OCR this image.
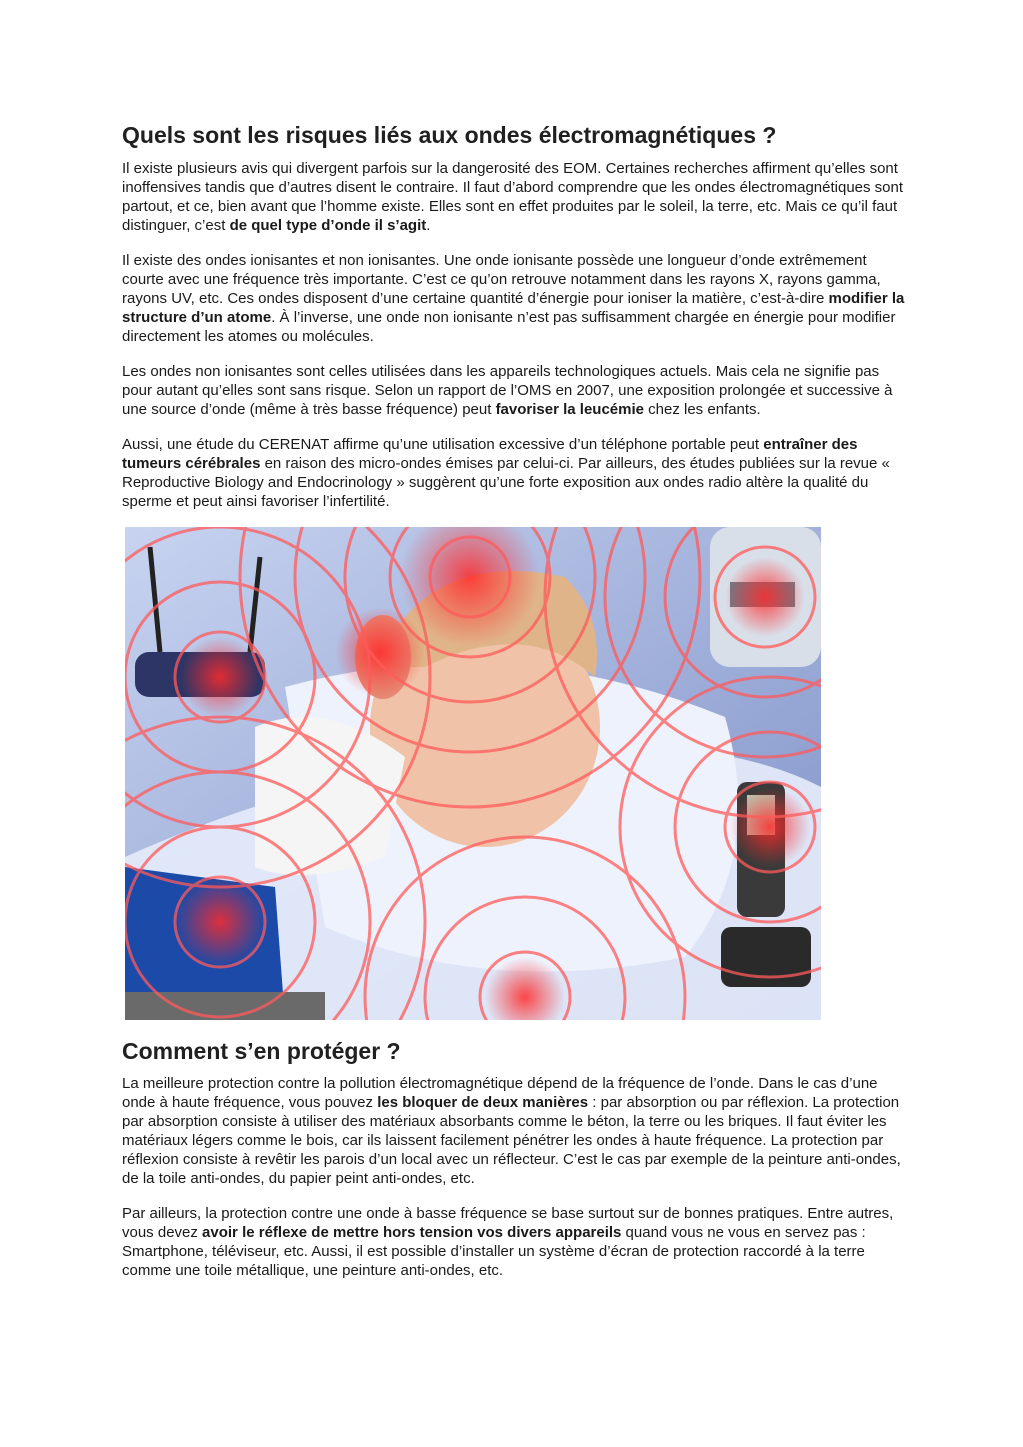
Quels sont les risques liés aux ondes électromagnétiques ?

Il existe plusieurs avis qui divergent parfois sur la dangerosité des EOM. Certaines recherches affirment qu’elles sont inoffensives tandis que d’autres disent le contraire. Il faut d’abord comprendre que les ondes électromagnétiques sont partout, et ce, bien avant que l’homme existe. Elles sont en effet produites par le soleil, la terre, etc. Mais ce qu’il faut distinguer, c’est de quel type d’onde il s’agit.

Il existe des ondes ionisantes et non ionisantes. Une onde ionisante possède une longueur d’onde extrêmement courte avec une fréquence très importante. C’est ce qu’on retrouve notamment dans les rayons X, rayons gamma, rayons UV, etc. Ces ondes disposent d’une certaine quantité d’énergie pour ioniser la matière, c’est-à-dire modifier la structure d’un atome. À l’inverse, une onde non ionisante n’est pas suffisamment chargée en énergie pour modifier directement les atomes ou molécules.

Les ondes non ionisantes sont celles utilisées dans les appareils technologiques actuels. Mais cela ne signifie pas pour autant qu’elles sont sans risque. Selon un rapport de l’OMS en 2007, une exposition prolongée et successive à une source d’onde (même à très basse fréquence) peut favoriser la leucémie chez les enfants.

Aussi, une étude du CERENAT affirme qu’une utilisation excessive d’un téléphone portable peut entraîner des tumeurs cérébrales en raison des micro-ondes émises par celui-ci. Par ailleurs, des études publiées sur la revue « Reproductive Biology and Endocrinology » suggèrent qu’une forte exposition aux ondes radio altère la qualité du sperme et peut ainsi favoriser l’infertilité.

Comment s’en protéger ?

La meilleure protection contre la pollution électromagnétique dépend de la fréquence de l’onde. Dans le cas d’une onde à haute fréquence, vous pouvez les bloquer de deux manières : par absorption ou par réflexion. La protection par absorption consiste à utiliser des matériaux absorbants comme le béton, la terre ou les briques. Il faut éviter les matériaux légers comme le bois, car ils laissent facilement pénétrer les ondes à haute fréquence. La protection par réflexion consiste à revêtir les parois d’un local avec un réflecteur. C’est le cas par exemple de la peinture anti-ondes, de la toile anti-ondes, du papier peint anti-ondes, etc.

Par ailleurs, la protection contre une onde à basse fréquence se base surtout sur de bonnes pratiques. Entre autres, vous devez avoir le réflexe de mettre hors tension vos divers appareils quand vous ne vous en servez pas : Smartphone, téléviseur, etc. Aussi, il est possible d’installer un système d’écran de protection raccordé à la terre comme une toile métallique, une peinture anti-ondes, etc.
